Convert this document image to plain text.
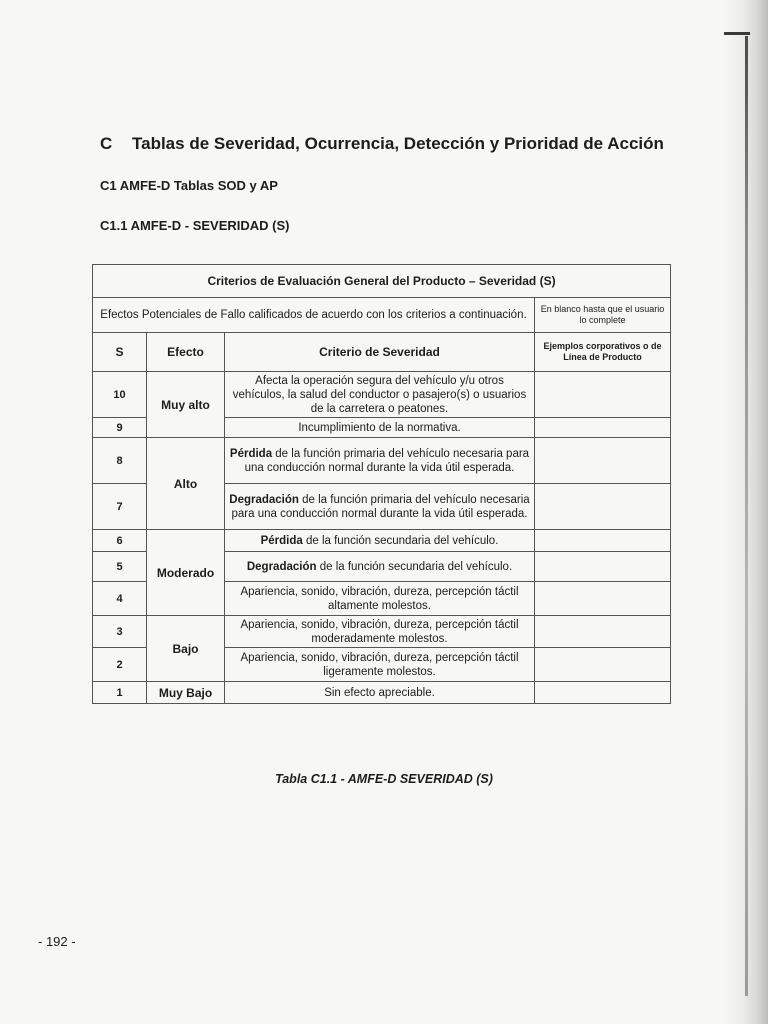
C Tablas de Severidad, Ocurrencia, Detección y Prioridad de Acción
C1 AMFE-D Tablas SOD y AP
C1.1 AMFE-D - SEVERIDAD (S)
Criterios de Evaluación General del Producto – Severidad (S)			
Efectos Potenciales de Fallo calificados de acuerdo con los criterios a continuación.			En blanco hasta que el usuario lo complete
S	Efecto	Criterio de Severidad	Ejemplos corporativos o de Línea de Producto
10	Muy alto	Afecta la operación segura del vehículo y/u otros vehículos, la salud del conductor o pasajero(s) o usuarios de la carretera o peatones.	
9		Incumplimiento de la normativa.	
8	Alto	Pérdida de la función primaria del vehículo necesaria para una conducción normal durante la vida útil esperada.	
7		Degradación de la función primaria del vehículo necesaria para una conducción normal durante la vida útil esperada.	
6	Moderado	Pérdida de la función secundaria del vehículo.	
5		Degradación de la función secundaria del vehículo.	
4		Apariencia, sonido, vibración, dureza, percepción táctil altamente molestos.	
3	Bajo	Apariencia, sonido, vibración, dureza, percepción táctil moderadamente molestos.	
2		Apariencia, sonido, vibración, dureza, percepción táctil ligeramente molestos.	
1	Muy Bajo	Sin efecto apreciable.	
Tabla C1.1 - AMFE-D SEVERIDAD (S)
- 192 -
